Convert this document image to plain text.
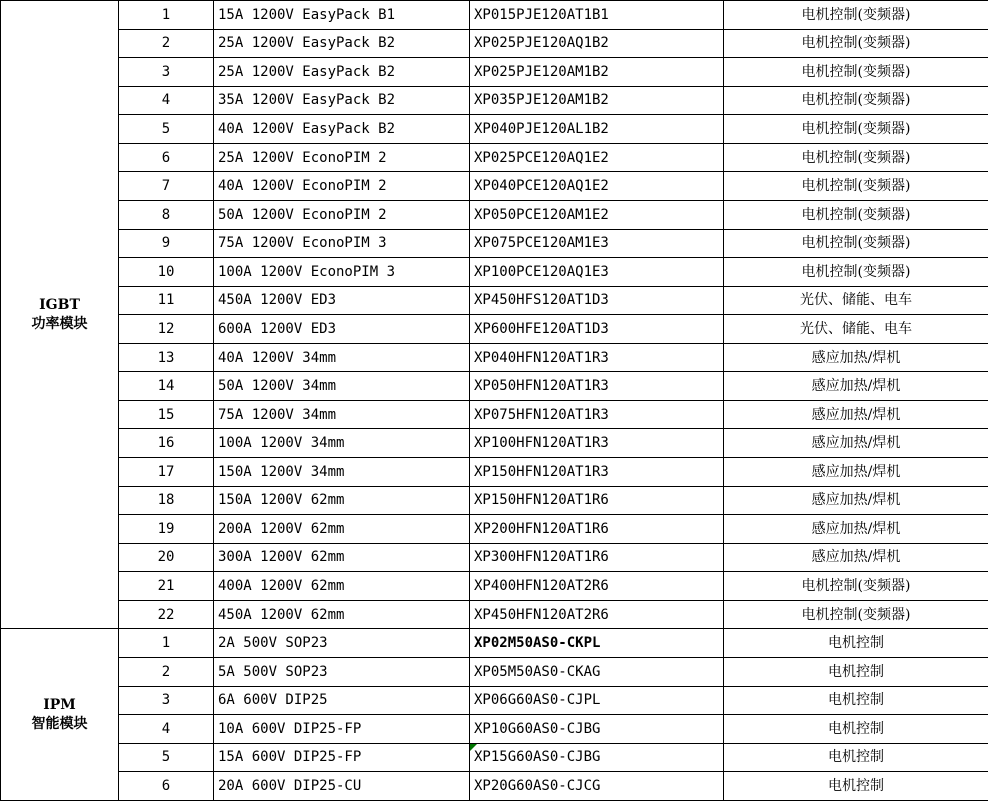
IGBT
功率模块	1	15A 1200V EasyPack B1	XP015PJE120AT1B1	电机控制(变频器)
	2	25A 1200V EasyPack B2	XP025PJE120AQ1B2	电机控制(变频器)
	3	25A 1200V EasyPack B2	XP025PJE120AM1B2	电机控制(变频器)
	4	35A 1200V EasyPack B2	XP035PJE120AM1B2	电机控制(变频器)
	5	40A 1200V EasyPack B2	XP040PJE120AL1B2	电机控制(变频器)
	6	25A 1200V EconoPIM 2	XP025PCE120AQ1E2	电机控制(变频器)
	7	40A 1200V EconoPIM 2	XP040PCE120AQ1E2	电机控制(变频器)
	8	50A 1200V EconoPIM 2	XP050PCE120AM1E2	电机控制(变频器)
	9	75A 1200V EconoPIM 3	XP075PCE120AM1E3	电机控制(变频器)
	10	100A 1200V EconoPIM 3	XP100PCE120AQ1E3	电机控制(变频器)
	11	450A 1200V ED3	XP450HFS120AT1D3	光伏、储能、电车
	12	600A 1200V ED3	XP600HFE120AT1D3	光伏、储能、电车
	13	40A 1200V 34mm	XP040HFN120AT1R3	感应加热/焊机
	14	50A 1200V 34mm	XP050HFN120AT1R3	感应加热/焊机
	15	75A 1200V 34mm	XP075HFN120AT1R3	感应加热/焊机
	16	100A 1200V 34mm	XP100HFN120AT1R3	感应加热/焊机
	17	150A 1200V 34mm	XP150HFN120AT1R3	感应加热/焊机
	18	150A 1200V 62mm	XP150HFN120AT1R6	感应加热/焊机
	19	200A 1200V 62mm	XP200HFN120AT1R6	感应加热/焊机
	20	300A 1200V 62mm	XP300HFN120AT1R6	感应加热/焊机
	21	400A 1200V 62mm	XP400HFN120AT2R6	电机控制(变频器)
	22	450A 1200V 62mm	XP450HFN120AT2R6	电机控制(变频器)

IPM
智能模块	1	2A 500V SOP23	XP02M50AS0-CKPL	电机控制
	2	5A 500V SOP23	XP05M50AS0-CKAG	电机控制
	3	6A 600V DIP25	XP06G60AS0-CJPL	电机控制
	4	10A 600V DIP25-FP	XP10G60AS0-CJBG	电机控制
	5	15A 600V DIP25-FP	XP15G60AS0-CJBG	电机控制
	6	20A 600V DIP25-CU	XP20G60AS0-CJCG	电机控制
